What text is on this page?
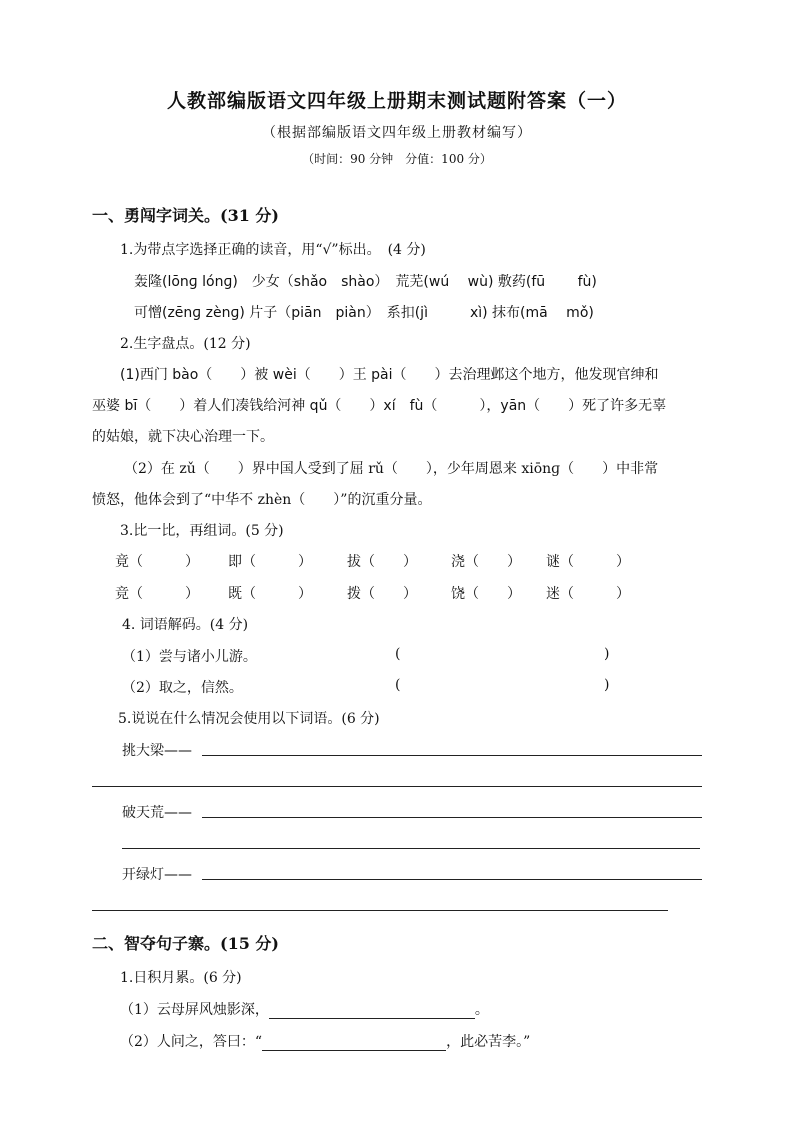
人教部编版语文四年级上册期末测试题附答案（一）
（根据部编版语文四年级上册教材编写）
（时间：90 分钟　分值：100 分）
一、勇闯字词关。(31 分)
1.为带点字选择正确的读音，用“√”标出。　(4 分)
轰隆(lōnɡ lónɡ)　少女（shǎo　shào）　荒芜(wú　 wù) 敷药(fū　　 fù)
可憎(zēnɡ zènɡ) 片子（piān　piàn）　系扣(jì　　　xì) 抹布(mā　 mǒ)
2.生字盘点。(12 分)
(1)西门 bào（　　）被 wèi（　　）王 pài（　　）去治理邺这个地方，他发现官绅和
巫婆 bī（　　）着人们凑钱给河神 qǔ（　　）xí　fù（　　　），yān（　　）死了许多无辜
的姑娘，就下决心治理一下。
（2）在 zǔ（　　）界中国人受到了屈 rǔ（　　），少年周恩来 xiōnɡ（　　）中非常
愤怒，他体会到了“中华不 zhèn（　　）”的沉重分量。
3.比一比，再组词。(5 分)
竟（　　　） 即（　　　）	拔（　　） 浇（　　） 谜（　　　）
竞（　　　） 既（　　　）	拨（　　） 饶（　　） 迷（　　　）
4. 词语解码。(4 分)
（1）尝与诸小儿游。	(	)
（2）取之，信然。	(	)
5.说说在什么情况会使用以下词语。(6 分)
挑大梁——
破天荒——
开绿灯——
二、智夺句子寨。(15 分)
1.日积月累。(6 分)
（1）云母屏风烛影深，	。
（2）人问之，答曰：“	，此必苦李。”
